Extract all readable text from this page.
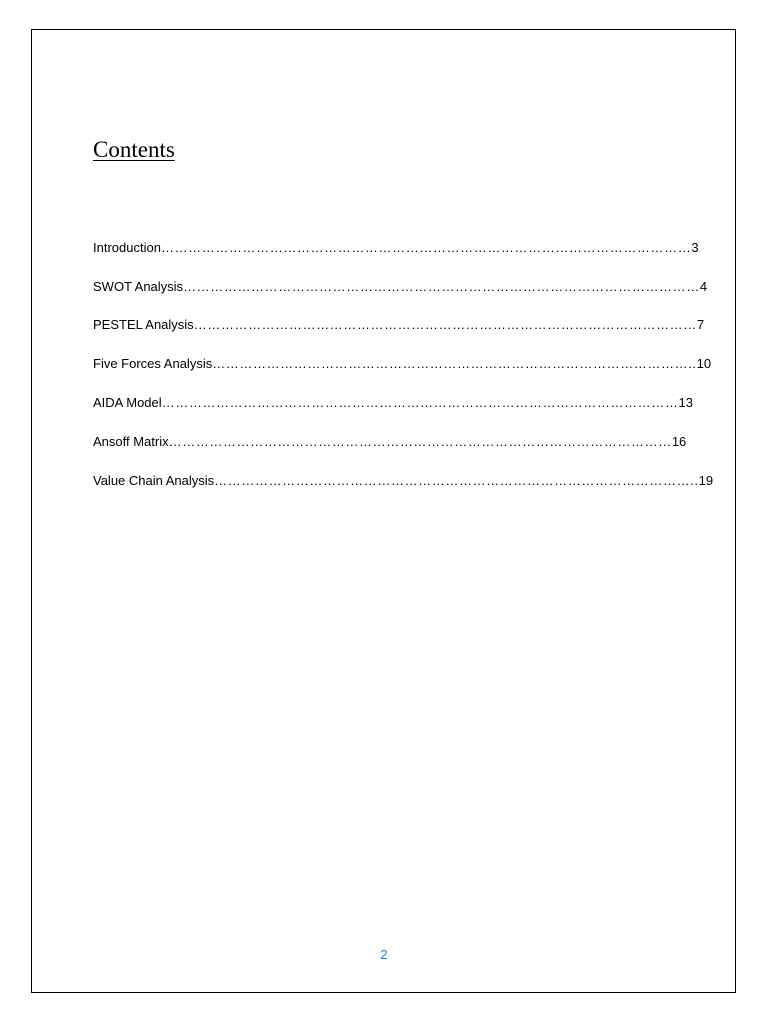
Contents
Introduction………………………………………………………………………………………………………3
SWOT Analysis……………………………………………………………………………………………………4
PESTEL Analysis…………………………………………………………………………………………………7
Five Forces Analysis……………………………………………………………………………………………..10
AIDA Model……………………………………………………………………………………………………13
Ansoff Matrix…………………………………………………………………………………………………16
Value Chain Analysis……………………………………………………………………………………………..19
2
